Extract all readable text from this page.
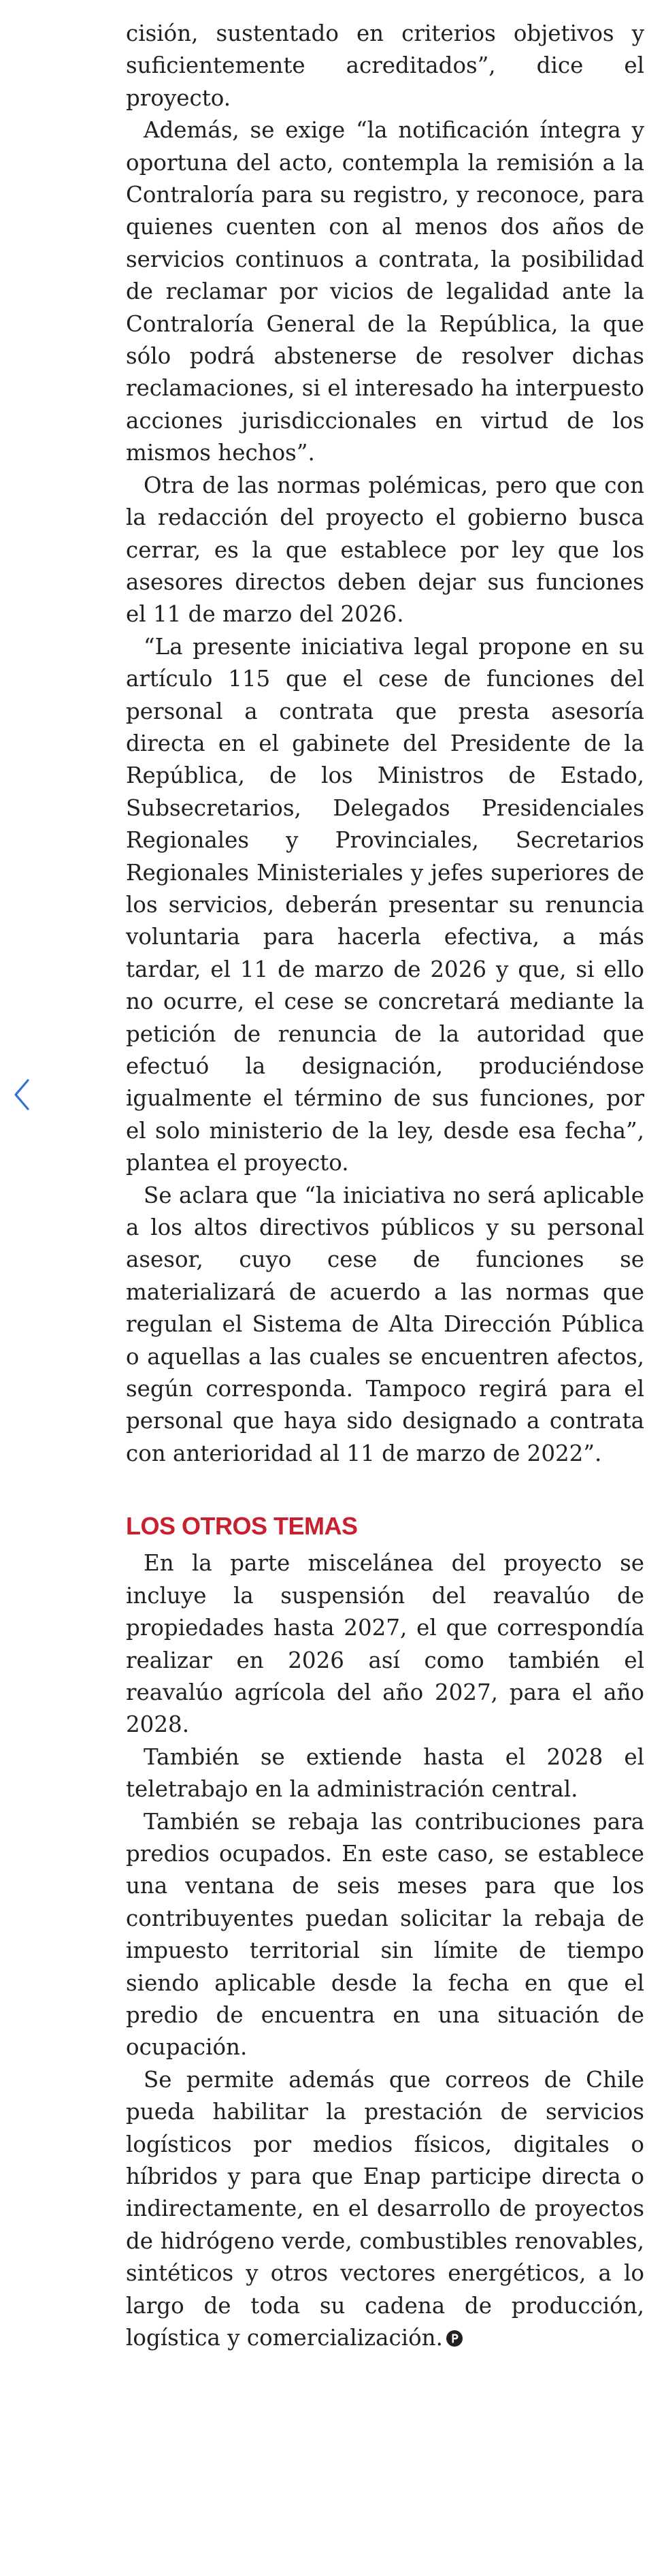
cisión, sustentado en criterios objetivos y suficientemente acreditados”, dice el proyecto.

Además, se exige “la notificación íntegra y oportuna del acto, contempla la remisión a la Contraloría para su registro, y reconoce, para quienes cuenten con al menos dos años de servicios continuos a contrata, la posibilidad de reclamar por vicios de legalidad ante la Contraloría General de la República, la que sólo podrá abstenerse de resolver dichas reclamaciones, si el interesado ha interpuesto acciones jurisdiccionales en virtud de los mismos hechos”.

Otra de las normas polémicas, pero que con la redacción del proyecto el gobierno busca cerrar, es la que establece por ley que los asesores directos deben dejar sus funciones el 11 de marzo del 2026.

“La presente iniciativa legal propone en su artículo 115 que el cese de funciones del personal a contrata que presta asesoría directa en el gabinete del Presidente de la República, de los Ministros de Estado, Subsecretarios, Delegados Presidenciales Regionales y Provinciales, Secretarios Regionales Ministeriales y jefes superiores de los servicios, deberán presentar su renuncia voluntaria para hacerla efectiva, a más tardar, el 11 de marzo de 2026 y que, si ello no ocurre, el cese se concretará mediante la petición de renuncia de la autoridad que efectuó la designación, produciéndose igualmente el término de sus funciones, por el solo ministerio de la ley, desde esa fecha”, plantea el proyecto.

Se aclara que “la iniciativa no será aplicable a los altos directivos públicos y su personal asesor, cuyo cese de funciones se materializará de acuerdo a las normas que regulan el Sistema de Alta Dirección Pública o aquellas a las cuales se encuentren afectos, según corresponda. Tampoco regirá para el personal que haya sido designado a contrata con anterioridad al 11 de marzo de 2022”.

LOS OTROS TEMAS

En la parte miscelánea del proyecto se incluye la suspensión del reavalúo de propiedades hasta 2027, el que correspondía realizar en 2026 así como también el reavalúo agrícola del año 2027, para el año 2028.

También se extiende hasta el 2028 el teletrabajo en la administración central.

También se rebaja las contribuciones para predios ocupados. En este caso, se establece una ventana de seis meses para que los contribuyentes puedan solicitar la rebaja de impuesto territorial sin límite de tiempo siendo aplicable desde la fecha en que el predio de encuentra en una situación de ocupación.

Se permite además que correos de Chile pueda habilitar la prestación de servicios logísticos por medios físicos, digitales o híbridos y para que Enap participe directa o indirectamente, en el desarrollo de proyectos de hidrógeno verde, combustibles renovables, sintéticos y otros vectores energéticos, a lo largo de toda su cadena de producción, logística y comercialización.
